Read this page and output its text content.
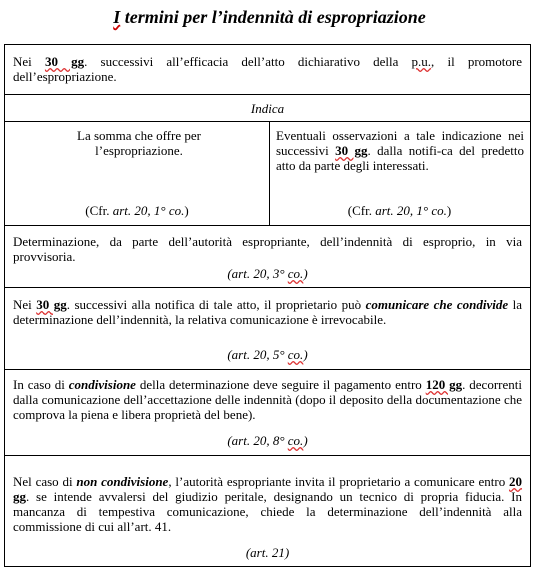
I termini per l’indennità di espropriazione
Nei 30 gg. successivi all’efficacia dell’atto dichiarativo della p.u., il promotore dell’espropriazione.
Indica
La somma che offre per l’espropriazione.
(Cfr. art. 20, 1° co.)
Eventuali osservazioni a tale indicazione nei successivi 30 gg. dalla notifi-ca del predetto atto da parte degli interessati.
(Cfr. art. 20, 1° co.)
Determinazione, da parte dell’autorità espropriante, dell’indennità di esproprio, in via provvisoria.
(art. 20, 3° co.)
Nei 30 gg. successivi alla notifica di tale atto, il proprietario può comunicare che condivide la determinazione dell’indennità, la relativa comunicazione è irrevocabile.
(art. 20, 5° co.)
In caso di condivisione della determinazione deve seguire il pagamento entro 120 gg. decorrenti dalla comunicazione dell’accettazione delle indennità (dopo il deposito della documentazione che comprova la piena e libera proprietà del bene).
(art. 20, 8° co.)
Nel caso di non condivisione, l’autorità espropriante invita il proprietario a comunicare entro 20 gg. se intende avvalersi del giudizio peritale, designando un tecnico di propria fiducia. In mancanza di tempestiva comunicazione, chiede la determinazione dell’indennità alla commissione di cui all’art. 41.
(art. 21)
